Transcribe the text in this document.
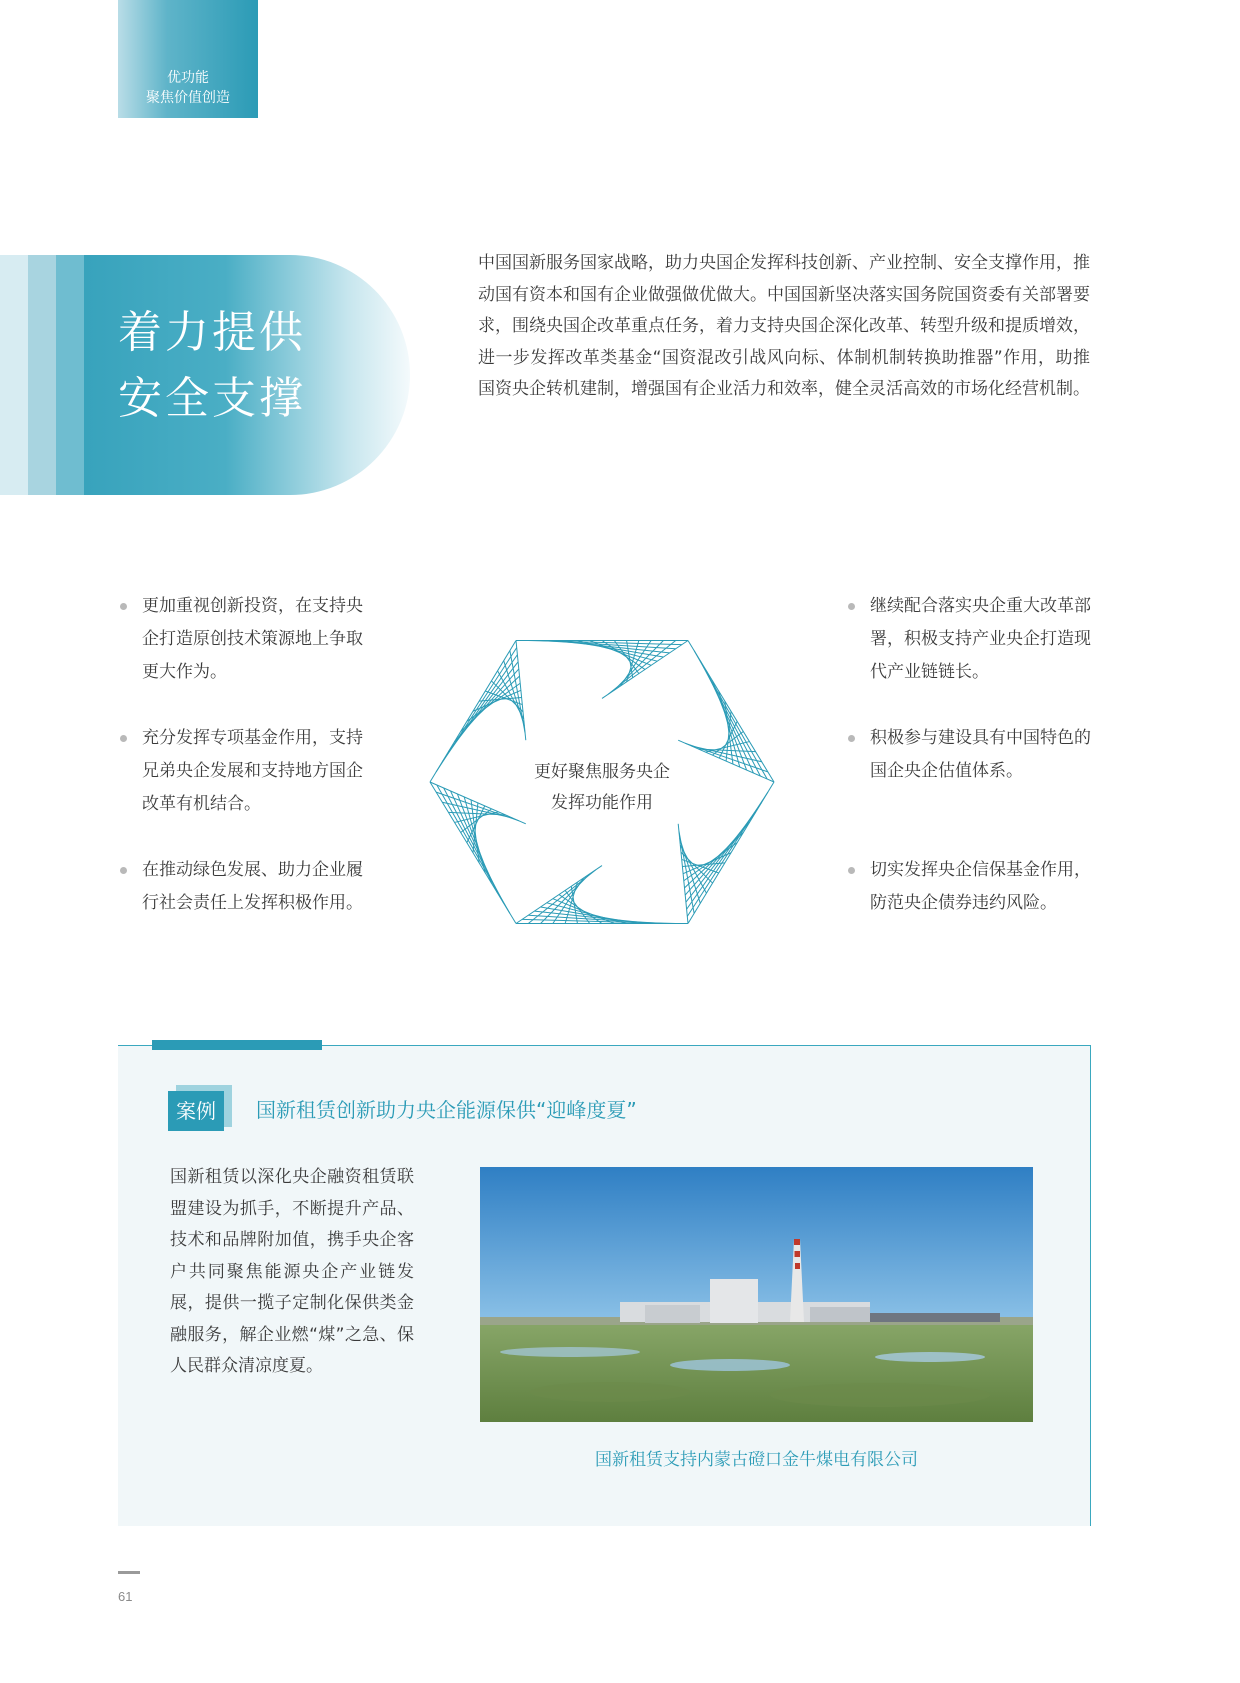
优功能
聚焦价值创造
着力提供
安全支撑
中国国新服务国家战略，助力央国企发挥科技创新、产业控制、安全支撑作用，推动国有资本和国有企业做强做优做大。中国国新坚决落实国务院国资委有关部署要求，围绕央国企改革重点任务，着力支持央国企深化改革、转型升级和提质增效，进一步发挥改革类基金“国资混改引战风向标、体制机制转换助推器”作用，助推国资央企转机建制，增强国有企业活力和效率，健全灵活高效的市场化经营机制。
更加重视创新投资，在支持央企打造原创技术策源地上争取更大作为。
充分发挥专项基金作用，支持兄弟央企发展和支持地方国企改革有机结合。
在推动绿色发展、助力企业履行社会责任上发挥积极作用。
更好聚焦服务央企
发挥功能作用
继续配合落实央企重大改革部署，积极支持产业央企打造现代产业链链长。
积极参与建设具有中国特色的国企央企估值体系。
切实发挥央企信保基金作用，防范央企债券违约风险。
案例	国新租赁创新助力央企能源保供“迎峰度夏”
国新租赁以深化央企融资租赁联盟建设为抓手，不断提升产品、技术和品牌附加值，携手央企客户共同聚焦能源央企产业链发展，提供一揽子定制化保供类金融服务，解企业燃“煤”之急、保人民群众清凉度夏。
国新租赁支持内蒙古磴口金牛煤电有限公司
61
